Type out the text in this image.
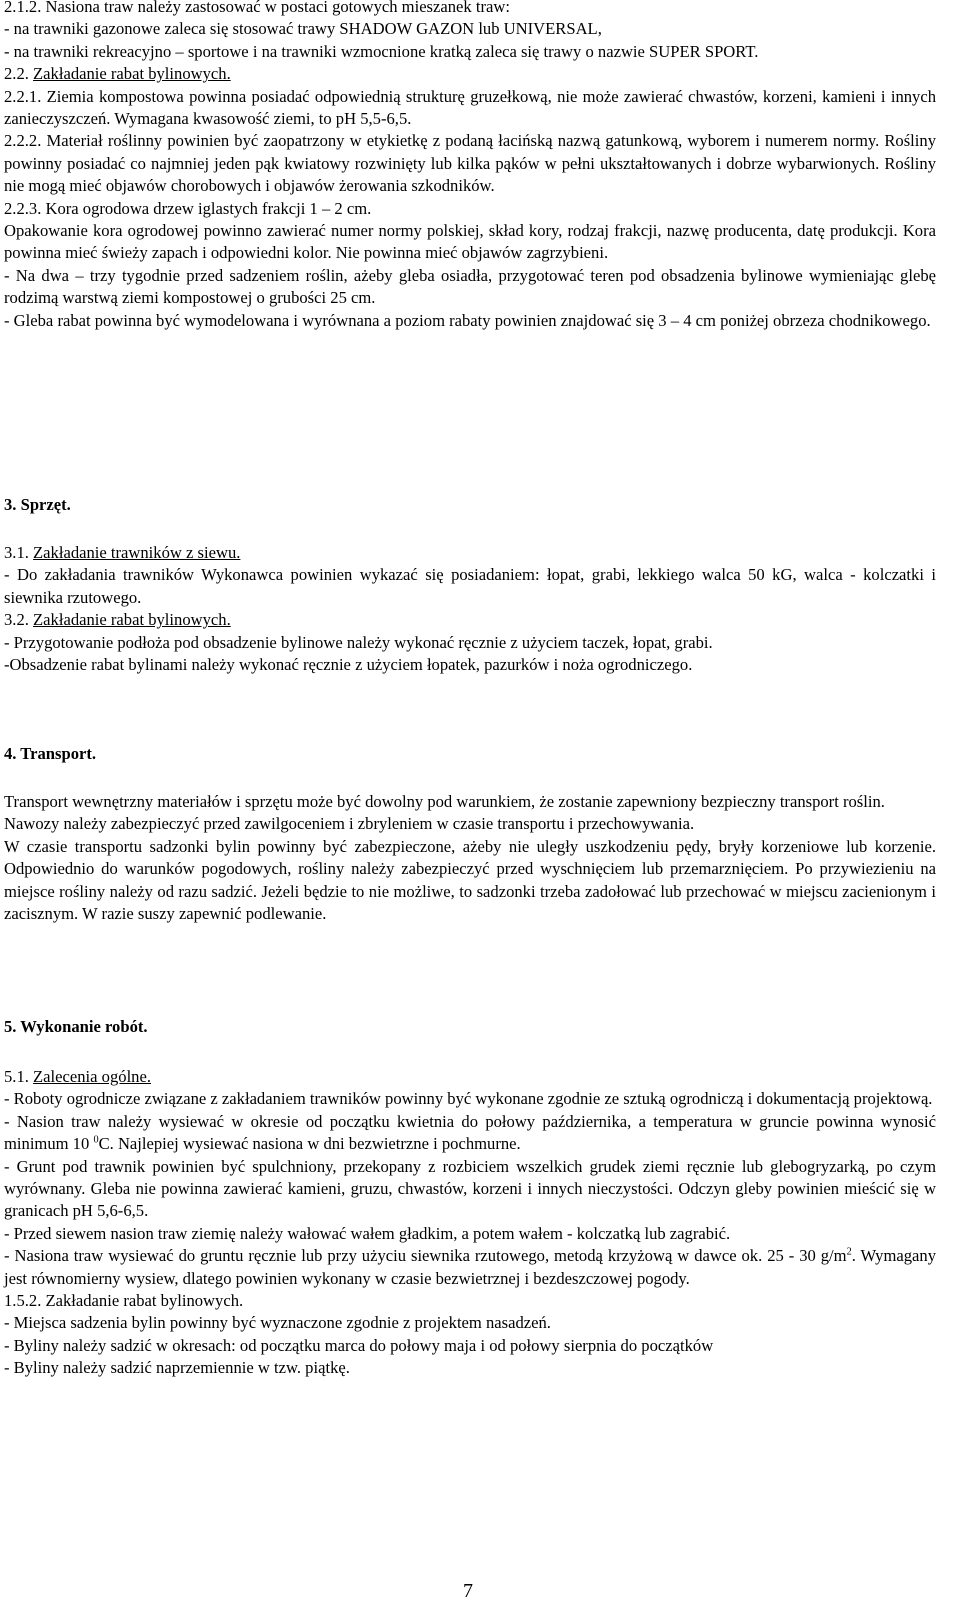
2.1.2. Nasiona traw należy zastosować w postaci gotowych mieszanek traw:

- na trawniki gazonowe zaleca się stosować trawy SHADOW GAZON lub UNIVERSAL,

- na trawniki rekreacyjno – sportowe i na trawniki wzmocnione kratką zaleca się trawy o nazwie SUPER SPORT.

2.2. Zakładanie rabat bylinowych.

2.2.1. Ziemia kompostowa powinna posiadać odpowiednią strukturę gruzełkową, nie może zawierać chwastów, korzeni, kamieni i innych zanieczyszczeń. Wymagana kwasowość ziemi, to pH 5,5-6,5.

2.2.2. Materiał roślinny powinien być zaopatrzony w etykietkę z podaną łacińską nazwą gatunkową, wyborem i numerem normy. Rośliny powinny posiadać co najmniej jeden pąk kwiatowy rozwinięty lub kilka pąków w pełni ukształtowanych i dobrze wybarwionych. Rośliny nie mogą mieć objawów chorobowych i objawów żerowania szkodników.

2.2.3. Kora ogrodowa drzew iglastych frakcji 1 – 2 cm.

Opakowanie kora ogrodowej powinno zawierać numer normy polskiej, skład kory, rodzaj frakcji, nazwę producenta, datę produkcji. Kora powinna mieć świeży zapach i odpowiedni kolor. Nie powinna mieć objawów zagrzybieni.

- Na dwa – trzy tygodnie przed sadzeniem roślin, ażeby gleba osiadła, przygotować teren pod obsadzenia bylinowe wymieniając glebę rodzimą warstwą ziemi kompostowej o grubości 25 cm.

- Gleba rabat powinna być wymodelowana i wyrównana a poziom rabaty powinien znajdować się 3 – 4 cm poniżej obrzeza chodnikowego.

3. Sprzęt.

3.1. Zakładanie trawników z siewu.

- Do zakładania trawników Wykonawca powinien wykazać się posiadaniem: łopat, grabi, lekkiego walca 50 kG, walca - kolczatki i siewnika rzutowego.

3.2. Zakładanie rabat bylinowych.

- Przygotowanie podłoża pod obsadzenie bylinowe należy wykonać ręcznie z użyciem taczek, łopat, grabi.

-Obsadzenie rabat bylinami należy wykonać ręcznie z użyciem łopatek, pazurków i noża ogrodniczego.

4. Transport.

Transport wewnętrzny materiałów i sprzętu może być dowolny pod warunkiem, że zostanie zapewniony bezpieczny transport roślin.

Nawozy należy zabezpieczyć przed zawilgoceniem i zbryleniem w czasie transportu i przechowywania.

W czasie transportu sadzonki bylin powinny być zabezpieczone, ażeby nie uległy uszkodzeniu pędy, bryły korzeniowe lub korzenie. Odpowiednio do warunków pogodowych, rośliny należy zabezpieczyć przed wyschnięciem lub przemarznięciem. Po przywiezieniu na miejsce rośliny należy od razu sadzić. Jeżeli będzie to nie możliwe, to sadzonki trzeba zadołować lub przechować w miejscu zacienionym i zacisznym. W razie suszy zapewnić podlewanie.

5. Wykonanie robót.

5.1. Zalecenia ogólne.

- Roboty ogrodnicze związane z zakładaniem trawników powinny być wykonane zgodnie ze sztuką ogrodniczą i dokumentacją projektową.

- Nasion traw należy wysiewać w okresie od początku kwietnia do połowy października, a temperatura w gruncie powinna wynosić minimum 10 $^0$C. Najlepiej wysiewać nasiona w dni bezwietrzne i pochmurne.

- Grunt pod trawnik powinien być spulchniony, przekopany z rozbiciem wszelkich grudek ziemi ręcznie lub glebogryzarką, po czym wyrównany. Gleba nie powinna zawierać kamieni, gruzu, chwastów, korzeni i innych nieczystości. Odczyn gleby powinien mieścić się w granicach pH 5,6-6,5.

- Przed siewem nasion traw ziemię należy wałować wałem gładkim, a potem wałem - kolczatką lub zagrabić.

- Nasiona traw wysiewać do gruntu ręcznie lub przy użyciu siewnika rzutowego, metodą krzyżową w dawce ok. 25 - 30 $g/m^2$. Wymagany jest równomierny wysiew, dlatego powinien wykonany w czasie bezwietrznej i bezdeszczowej pogody.

1.5.2. Zakładanie rabat bylinowych.

- Miejsca sadzenia bylin powinny być wyznaczone zgodnie z projektem nasadzeń.

- Byliny należy sadzić w okresach: od początku marca do połowy maja i od połowy sierpnia do początków

- Byliny należy sadzić naprzemiennie w tzw. piątkę.

7
